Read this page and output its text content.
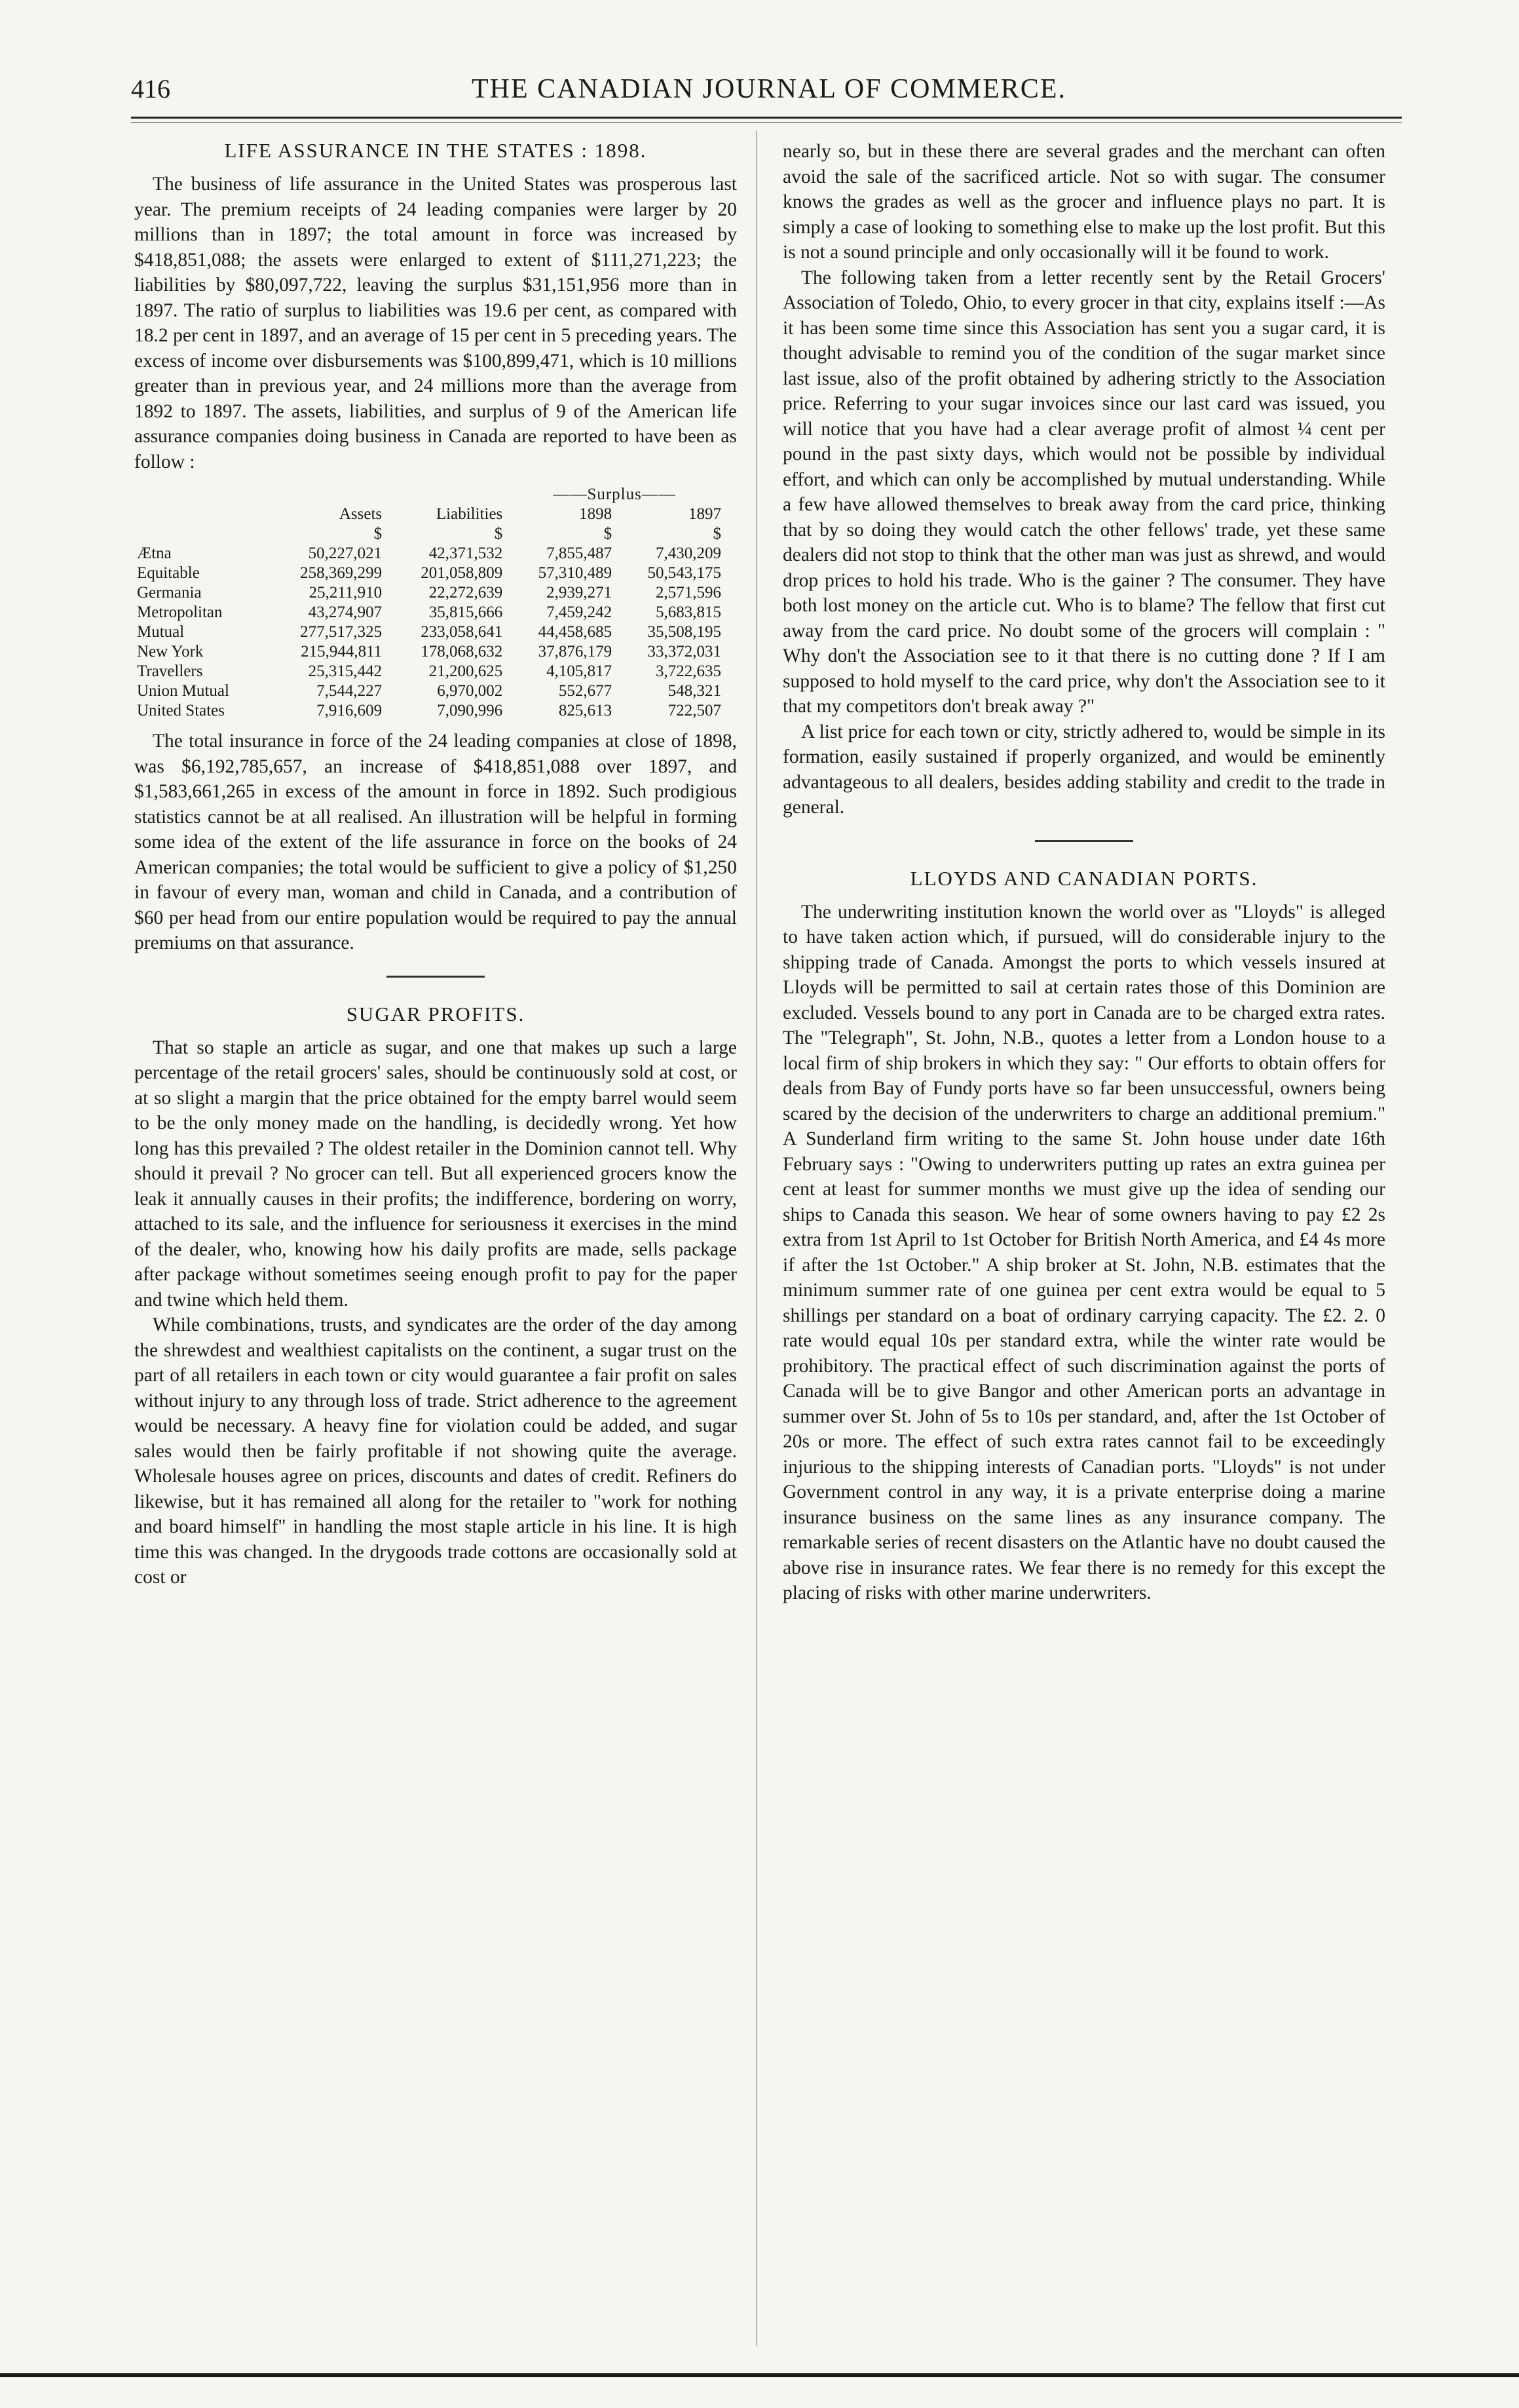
416	THE CANADIAN JOURNAL OF COMMERCE.
LIFE ASSURANCE IN THE STATES : 1898.

The business of life assurance in the United States was prosperous last year. The premium receipts of 24 leading companies were larger by 20 millions than in 1897; the total amount in force was increased by $418,851,088; the assets were enlarged to extent of $111,271,223; the liabilities by $80,097,722, leaving the surplus $31,151,956 more than in 1897. The ratio of surplus to liabilities was 19.6 per cent, as compared with 18.2 per cent in 1897, and an average of 15 per cent in 5 preceding years. The excess of income over disbursements was $100,899,471, which is 10 millions greater than in previous year, and 24 millions more than the average from 1892 to 1897. The assets, liabilities, and surplus of 9 of the American life assurance companies doing business in Canada are reported to have been as follow :

			——Surplus——	
	Assets	Liabilities	1898	1897
	$	$	$	$
Ætna	50,227,021	42,371,532	7,855,487	7,430,209
Equitable	258,369,299	201,058,809	57,310,489	50,543,175
Germania	25,211,910	22,272,639	2,939,271	2,571,596
Metropolitan	43,274,907	35,815,666	7,459,242	5,683,815
Mutual	277,517,325	233,058,641	44,458,685	35,508,195
New York	215,944,811	178,068,632	37,876,179	33,372,031
Travellers	25,315,442	21,200,625	4,105,817	3,722,635
Union Mutual	7,544,227	6,970,002	552,677	548,321
United States	7,916,609	7,090,996	825,613	722,507

The total insurance in force of the 24 leading companies at close of 1898, was $6,192,785,657, an increase of $418,851,088 over 1897, and $1,583,661,265 in excess of the amount in force in 1892. Such prodigious statistics cannot be at all realised. An illustration will be helpful in forming some idea of the extent of the life assurance in force on the books of 24 American companies; the total would be sufficient to give a policy of $1,250 in favour of every man, woman and child in Canada, and a contribution of $60 per head from our entire population would be required to pay the annual premiums on that assurance.

SUGAR PROFITS.

That so staple an article as sugar, and one that makes up such a large percentage of the retail grocers' sales, should be continuously sold at cost, or at so slight a margin that the price obtained for the empty barrel would seem to be the only money made on the handling, is decidedly wrong. Yet how long has this prevailed ? The oldest retailer in the Dominion cannot tell. Why should it prevail ? No grocer can tell. But all experienced grocers know the leak it annually causes in their profits; the indifference, bordering on worry, attached to its sale, and the influence for seriousness it exercises in the mind of the dealer, who, knowing how his daily profits are made, sells package after package without sometimes seeing enough profit to pay for the paper and twine which held them.

While combinations, trusts, and syndicates are the order of the day among the shrewdest and wealthiest capitalists on the continent, a sugar trust on the part of all retailers in each town or city would guarantee a fair profit on sales without injury to any through loss of trade. Strict adherence to the agreement would be necessary. A heavy fine for violation could be added, and sugar sales would then be fairly profitable if not showing quite the average. Wholesale houses agree on prices, discounts and dates of credit. Refiners do likewise, but it has remained all along for the retailer to "work for nothing and board himself" in handling the most staple article in his line. It is high time this was changed. In the drygoods trade cottons are occasionally sold at cost or

nearly so, but in these there are several grades and the merchant can often avoid the sale of the sacrificed article. Not so with sugar. The consumer knows the grades as well as the grocer and influence plays no part. It is simply a case of looking to something else to make up the lost profit. But this is not a sound principle and only occasionally will it be found to work.

The following taken from a letter recently sent by the Retail Grocers' Association of Toledo, Ohio, to every grocer in that city, explains itself :—As it has been some time since this Association has sent you a sugar card, it is thought advisable to remind you of the condition of the sugar market since last issue, also of the profit obtained by adhering strictly to the Association price. Referring to your sugar invoices since our last card was issued, you will notice that you have had a clear average profit of almost ¼ cent per pound in the past sixty days, which would not be possible by individual effort, and which can only be accomplished by mutual understanding. While a few have allowed themselves to break away from the card price, thinking that by so doing they would catch the other fellows' trade, yet these same dealers did not stop to think that the other man was just as shrewd, and would drop prices to hold his trade. Who is the gainer ? The consumer. They have both lost money on the article cut. Who is to blame? The fellow that first cut away from the card price. No doubt some of the grocers will complain : " Why don't the Association see to it that there is no cutting done ? If I am supposed to hold myself to the card price, why don't the Association see to it that my competitors don't break away ?"

A list price for each town or city, strictly adhered to, would be simple in its formation, easily sustained if properly organized, and would be eminently advantageous to all dealers, besides adding stability and credit to the trade in general.

LLOYDS AND CANADIAN PORTS.

The underwriting institution known the world over as "Lloyds" is alleged to have taken action which, if pursued, will do considerable injury to the shipping trade of Canada. Amongst the ports to which vessels insured at Lloyds will be permitted to sail at certain rates those of this Dominion are excluded. Vessels bound to any port in Canada are to be charged extra rates. The "Telegraph", St. John, N.B., quotes a letter from a London house to a local firm of ship brokers in which they say: " Our efforts to obtain offers for deals from Bay of Fundy ports have so far been unsuccessful, owners being scared by the decision of the underwriters to charge an additional premium." A Sunderland firm writing to the same St. John house under date 16th February says : "Owing to underwriters putting up rates an extra guinea per cent at least for summer months we must give up the idea of sending our ships to Canada this season. We hear of some owners having to pay £2 2s extra from 1st April to 1st October for British North America, and £4 4s more if after the 1st October." A ship broker at St. John, N.B. estimates that the minimum summer rate of one guinea per cent extra would be equal to 5 shillings per standard on a boat of ordinary carrying capacity. The £2. 2. 0 rate would equal 10s per standard extra, while the winter rate would be prohibitory. The practical effect of such discrimination against the ports of Canada will be to give Bangor and other American ports an advantage in summer over St. John of 5s to 10s per standard, and, after the 1st October of 20s or more. The effect of such extra rates cannot fail to be exceedingly injurious to the shipping interests of Canadian ports. "Lloyds" is not under Government control in any way, it is a private enterprise doing a marine insurance business on the same lines as any insurance company. The remarkable series of recent disasters on the Atlantic have no doubt caused the above rise in insurance rates. We fear there is no remedy for this except the placing of risks with other marine underwriters.
